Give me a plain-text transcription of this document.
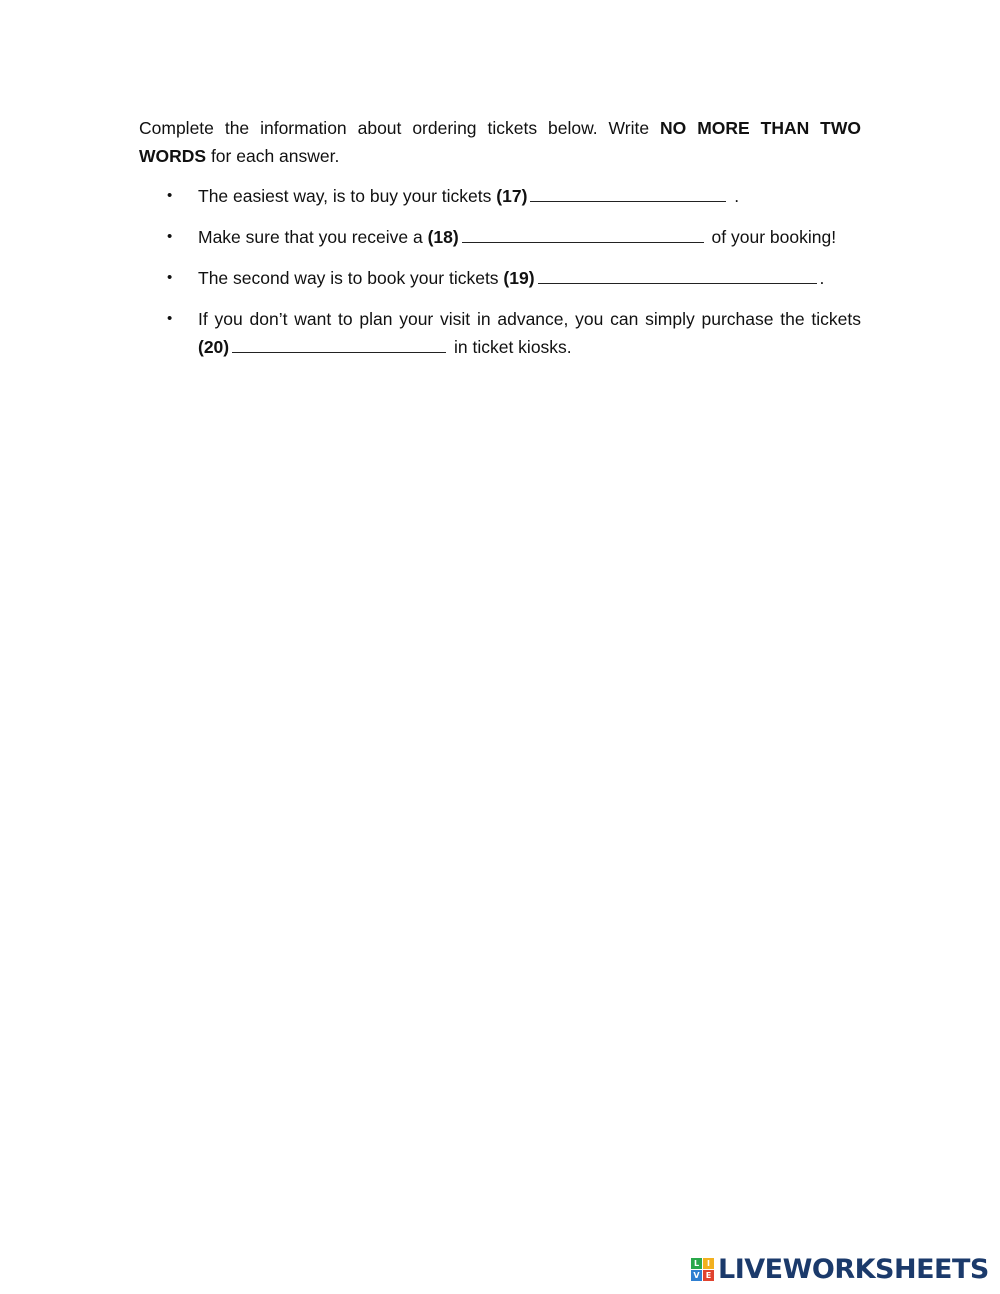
Complete the information about ordering tickets below. Write NO MORE THAN TWO WORDS for each answer.

• The easiest way, is to buy your tickets (17)	.
• Make sure that you receive a (18)	of your booking!
• The second way is to book your tickets (19)	.
• If you don’t want to plan your visit in advance, you can simply purchase the tickets (20)	in ticket kiosks.
L I
V E LIVEWORKSHEETS
